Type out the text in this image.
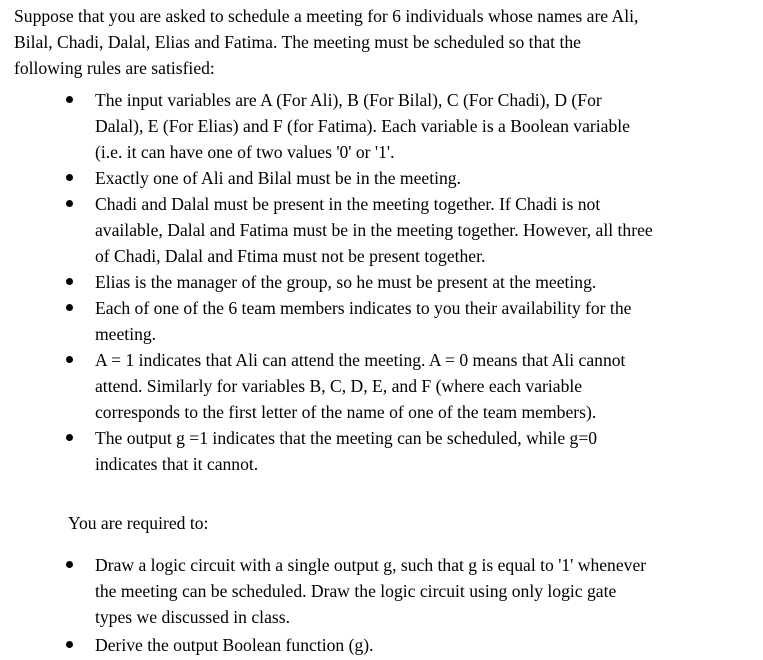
Suppose that you are asked to schedule a meeting for 6 individuals whose names are Ali,
Bilal, Chadi, Dalal, Elias and Fatima. The meeting must be scheduled so that the
following rules are satisfied:

The input variables are A (For Ali), B (For Bilal), C (For Chadi), D (For
Dalal), E (For Elias) and F (for Fatima). Each variable is a Boolean variable
(i.e. it can have one of two values '0' or '1'.
Exactly one of Ali and Bilal must be in the meeting.
Chadi and Dalal must be present in the meeting together. If Chadi is not
available, Dalal and Fatima must be in the meeting together. However, all three
of Chadi, Dalal and Ftima must not be present together.
Elias is the manager of the group, so he must be present at the meeting.
Each of one of the 6 team members indicates to you their availability for the
meeting.
A = 1 indicates that Ali can attend the meeting. A = 0 means that Ali cannot
attend. Similarly for variables B, C, D, E, and F (where each variable
corresponds to the first letter of the name of one of the team members).
The output g =1 indicates that the meeting can be scheduled, while g=0
indicates that it cannot.

You are required to:

Draw a logic circuit with a single output g, such that g is equal to '1' whenever
the meeting can be scheduled. Draw the logic circuit using only logic gate
types we discussed in class.
Derive the output Boolean function (g).
